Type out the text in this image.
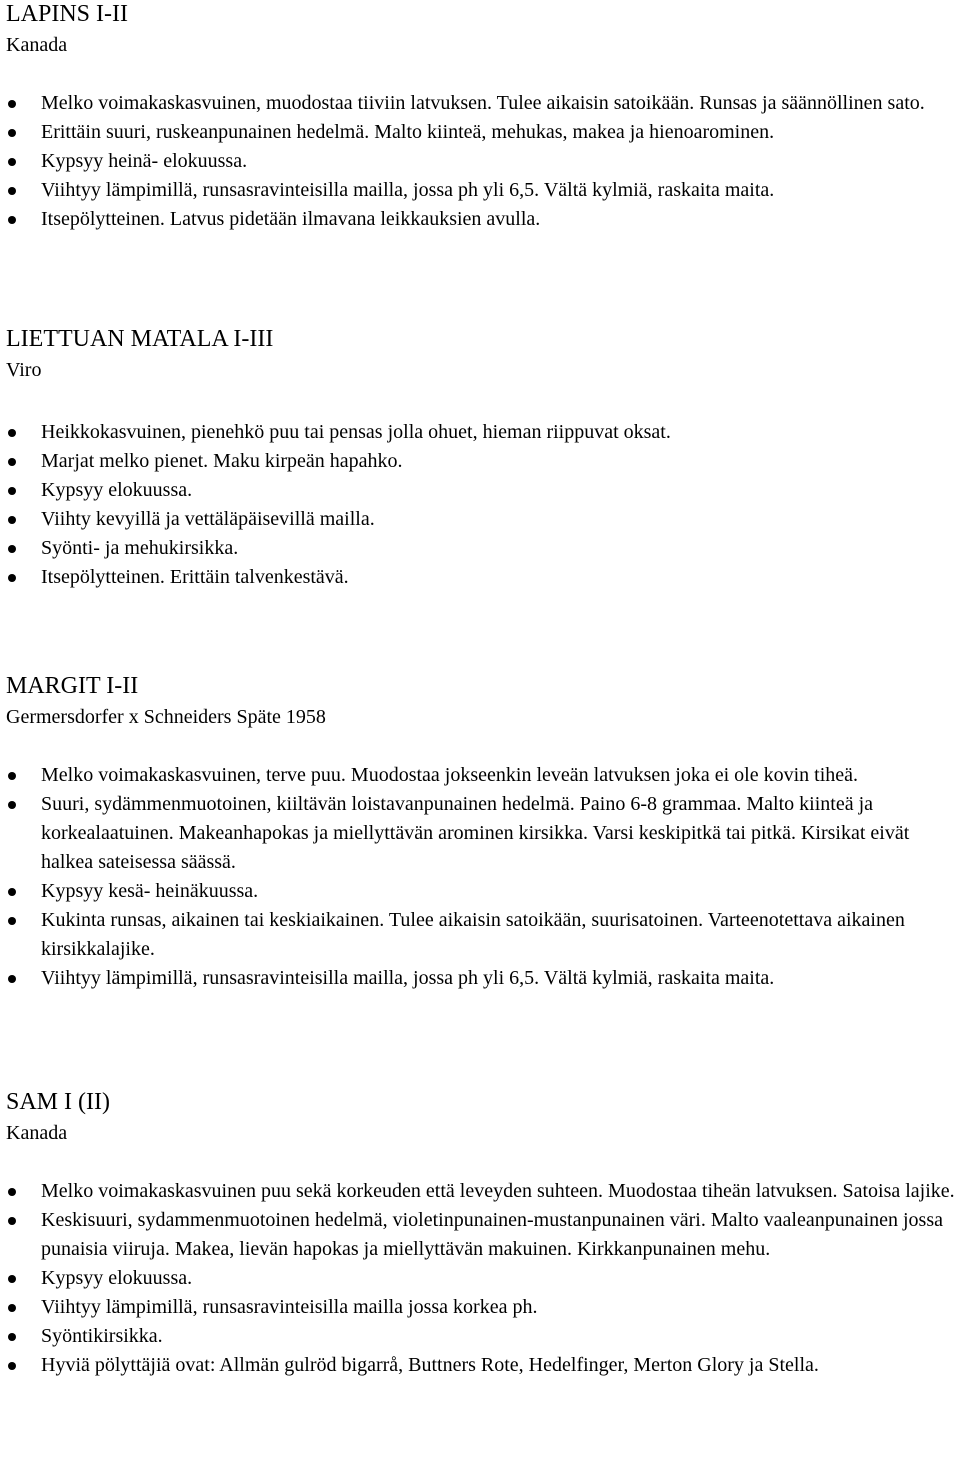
LAPINS I-II
Kanada
Melko voimakaskasvuinen, muodostaa tiiviin latvuksen. Tulee aikaisin satoikään. Runsas ja säännöllinen sato.
Erittäin suuri, ruskeanpunainen hedelmä. Malto kiinteä, mehukas, makea ja hienoarominen.
Kypsyy heinä- elokuussa.
Viihtyy lämpimillä, runsasravinteisilla mailla, jossa ph yli 6,5. Vältä kylmiä, raskaita maita.
Itsepölytteinen. Latvus pidetään ilmavana leikkauksien avulla.
LIETTUAN MATALA I-III
Viro
Heikkokasvuinen, pienehkö puu tai pensas jolla ohuet, hieman riippuvat oksat.
Marjat melko pienet. Maku kirpeän hapahko.
Kypsyy elokuussa.
Viihty kevyillä ja vettäläpäisevillä mailla.
Syönti- ja mehukirsikka.
Itsepölytteinen. Erittäin talvenkestävä.
MARGIT I-II
Germersdorfer x Schneiders Späte 1958
Melko voimakaskasvuinen, terve puu. Muodostaa jokseenkin leveän latvuksen joka ei ole kovin tiheä.
Suuri, sydämmenmuotoinen, kiiltävän loistavanpunainen hedelmä. Paino 6-8 grammaa. Malto kiinteä ja korkealaatuinen. Makeanhapokas ja miellyttävän arominen kirsikka. Varsi keskipitkä tai pitkä. Kirsikat eivät halkea sateisessa säässä.
Kypsyy kesä- heinäkuussa.
Kukinta runsas, aikainen tai keskiaikainen. Tulee aikaisin satoikään, suurisatoinen. Varteenotettava aikainen kirsikkalajike.
Viihtyy lämpimillä, runsasravinteisilla mailla, jossa ph yli 6,5. Vältä kylmiä, raskaita maita.
SAM I (II)
Kanada
Melko voimakaskasvuinen puu sekä korkeuden että leveyden suhteen. Muodostaa tiheän latvuksen. Satoisa lajike.
Keskisuuri, sydammenmuotoinen hedelmä, violetinpunainen-mustanpunainen väri. Malto vaaleanpunainen jossa punaisia viiruja. Makea, lievän hapokas ja miellyttävän makuinen. Kirkkanpunainen mehu.
Kypsyy elokuussa.
Viihtyy lämpimillä, runsasravinteisilla mailla jossa korkea ph.
Syöntikirsikka.
Hyviä pölyttäjiä ovat: Allmän gulröd bigarrå, Buttners Rote, Hedelfinger, Merton Glory ja Stella.
